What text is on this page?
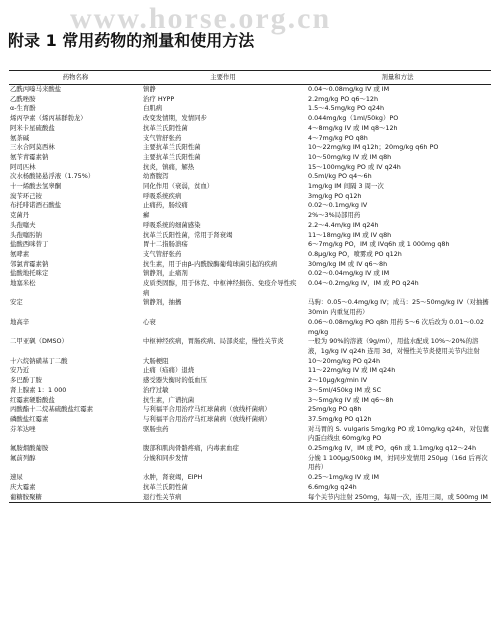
www.horse.org.cn
附录 1 常用药物的剂量和使用方法
药物名称	主要作用	剂量和方法
乙酰丙嗪马来酸盐	镇静	0.04～0.08mg/kg IV 或 IM
乙酰唑胺	治疗 HYPP	2.2mg/kg PO q6～12h
α-生育酚	白肌病	1.5～4.5mg/kg PO q24h
烯丙孕素（烯丙基群勃龙）	改变发情期，发情同步	0.044mg/kg（1ml/50kg）PO
阿米卡星硫酸盐	抗革兰氏阴性菌	4～8mg/kg IV 或 IM q8～12h
氨茶碱	支气管舒张药	4～7mg/kg PO q8h
三水合阿莫西林	主要抗革兰氏阳性菌	10～22mg/kg IM q12h；20mg/kg q6h PO
氨苄青霉素钠	主要抗革兰氏阳性菌	10～50mg/kg IV 或 IM q8h
阿司匹林	抗炎，镇痛，解热	15～100mg/kg PO 或 IV q24h
次水杨酸铋悬浮液（1.75%）	幼畜腹泻	0.5ml/kg PO q4～6h
十一烯酸去氢睾酮	同化作用（衰弱，贫血）	1mg/kg IM 间隔 3 周一次
溴苄环己铵	呼吸系统疾病	3mg/kg PO q12h
布托啡诺酒石酸盐	止痛药，肠绞痛	0.02～0.1mg/kg IV
克菌丹	癣	2%～3%局部用药
头孢噻夫	呼吸系统的细菌感染	2.2～4.4m/kg IM q24h
头孢噻肟钠	抗革兰氏阳性菌，常用于肾衰竭	11～18mg/kg IM 或 IV q8h
盐酸西咪替丁	胃十二指肠溃疡	6～7mg/kg PO，IM 或 IVq6h 或 1 000mg q8h
氨哮素	支气管舒张药	0.8μg/kg PO，喷雾或 PO q12h
邻氯青霉素钠	抗生素，用于由β-内酰胺酶葡萄球菌引起的疾病	30mg/kg IM 或 IV q6～8h
盐酸地托咪定	镇静剂，止痛剂	0.02～0.04mg/kg IV 或 IM
地塞米松	皮质类固醇，用于休克、中枢神经损伤、免疫介导性疾病	0.04～0.2mg/kg IV，IM 或 PO q24h
安定	镇静剂，抽搐	马驹：0.05～0.4mg/kg IV；成马：25～50mg/kg IV（对抽搐 30min 内重复用药）
地高辛	心衰	0.06～0.08mg/kg PO q8h 用药 5～6 次后改为 0.01～0.02mg/kg
二甲亚砜（DMSO）	中枢神经疾病，胃肠疾病、局部炎症，慢性关节炎	一般为 90%的溶液（9g/ml），用盐水配成 10%～20%的溶液，1g/kg IV q24h 连用 3d，对慢性关节炎使用关节内注射
十六烷钠磺基丁二酸	大肠梗阻	10～20mg/kg PO q24h
安乃近	止痛（疝痛）退烧	11～22mg/kg IV 或 IM q24h
多巴酚丁胺	感受器失衡时的低血压	2～10μg/kg/min IV
肾上腺素 1：1 000	治疗过敏	3～5ml/450kg IM 或 SC
红霉素硬脂酸盐	抗生素，广谱抗菌	3～5mg/kg IV 或 IM q6～8h
丙酸酯十二烷基硫酸盐红霉素	与利福平合用治疗马红球菌病（放线杆菌病）	25mg/kg PO q8h
磷酸盐红霉素	与利福平合用治疗马红球菌病（放线杆菌病）	37.5mg/kg PO q12h
芬苯达唑	驱肠虫药	对马胃的 S. vulgaris 5mg/kg PO 或 10mg/kg q24h，对包囊内蛋白线虫 60mg/kg PO
氟胺烟酸葡胺	腹部和肌肉骨骼疼痛，内毒素血症	0.25mg/kg IV，IM 或 PO，q6h 或 1.1mg/kg q12～24h
氟前列醇	分娩和同步发情	分娩 1 100μg/500kg IM，対同步发情用 250μg（16d 后再次用药）
速尿	水肿，肾衰竭，EIPH	0.25～1mg/kg IV 或 IM
庆大霉素	抗革兰氏阴性菌	6.6mg/kg q24h
葡糖胺聚糖	退行性关节病	每个关节内注射 250mg，每周一次，连用三周，或 500mg IM
